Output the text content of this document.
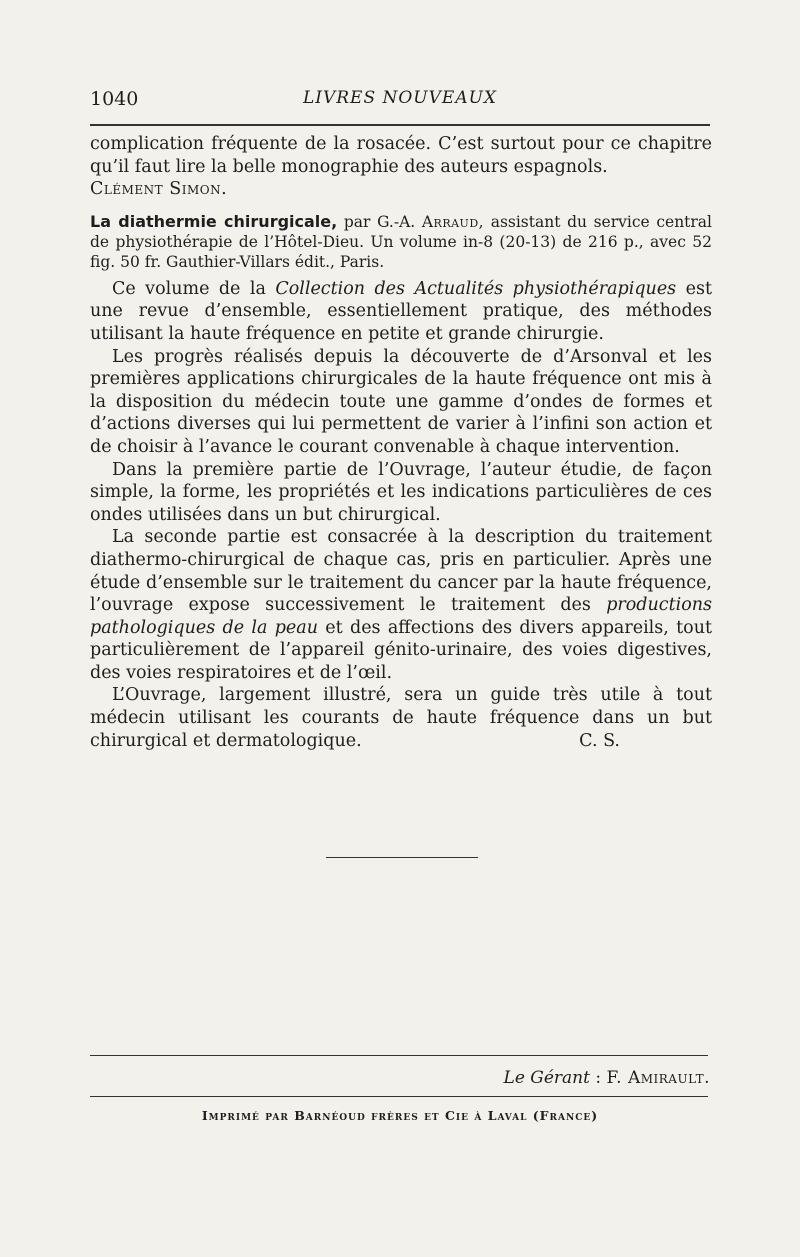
1040	LIVRES NOUVEAUX

complication fréquente de la rosacée. C’est surtout pour ce chapitre qu’il faut lire la belle monographie des auteurs espagnols.

Clément Simon.

La diathermie chirurgicale, par G.-A. Arraud, assistant du service central de physiothérapie de l’Hôtel-Dieu. Un volume in-8 (20-13) de 216 p., avec 52 fig. 50 fr. Gauthier-Villars édit., Paris.

Ce volume de la Collection des Actualités physiothérapiques est une revue d’ensemble, essentiellement pratique, des méthodes utilisant la haute fréquence en petite et grande chirurgie.

Les progrès réalisés depuis la découverte de d’Arsonval et les premières applications chirurgicales de la haute fréquence ont mis à la disposition du médecin toute une gamme d’ondes de formes et d’actions diverses qui lui permettent de varier à l’infini son action et de choisir à l’avance le courant convenable à chaque intervention.

Dans la première partie de l’Ouvrage, l’auteur étudie, de façon simple, la forme, les propriétés et les indications particulières de ces ondes utilisées dans un but chirurgical.

La seconde partie est consacrée à la description du traitement diathermo-chirurgical de chaque cas, pris en particulier. Après une étude d’ensemble sur le traitement du cancer par la haute fréquence, l’ouvrage expose successivement le traitement des productions pathologiques de la peau et des affections des divers appareils, tout particulièrement de l’appareil génito-urinaire, des voies digestives, des voies respiratoires et de l’œil.

L’Ouvrage, largement illustré, sera un guide très utile à tout médecin utilisant les courants de haute fréquence dans un but chirurgical et dermatologique.	C. S.

Le Gérant : F. Amirault.
Imprimé par Barnéoud frères et Cie à Laval (France)
